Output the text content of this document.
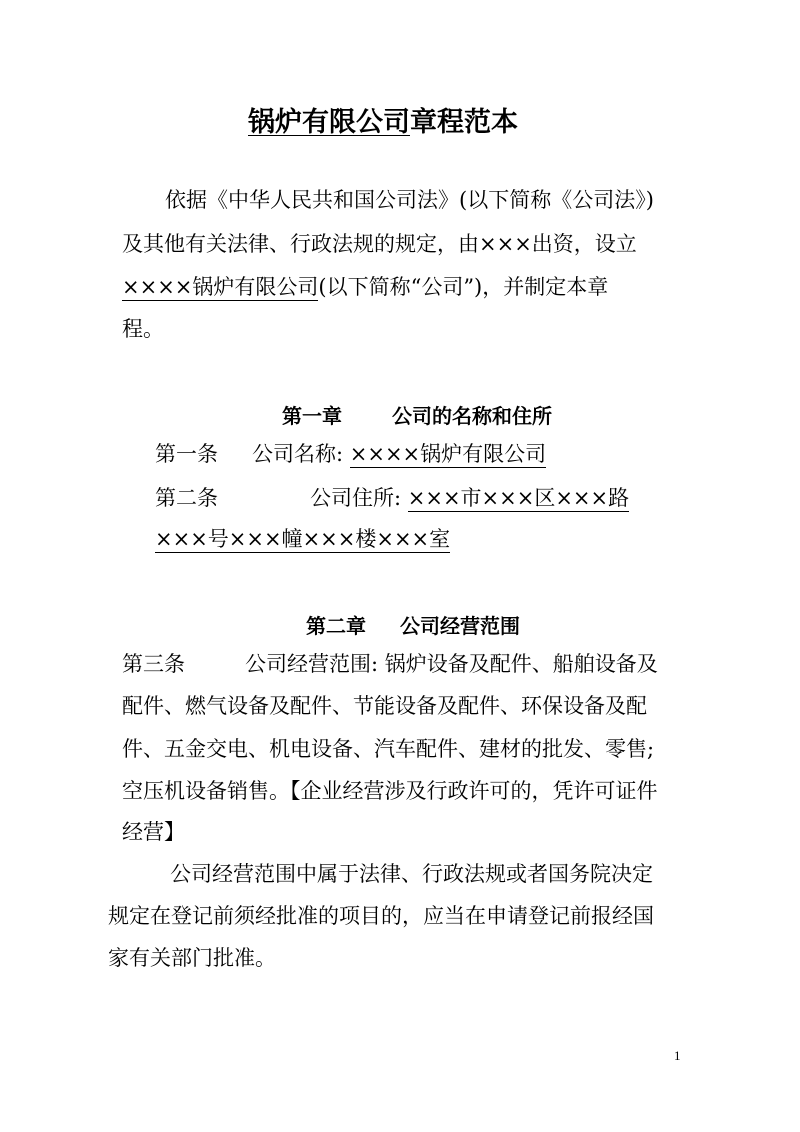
锅炉有限公司章程范本
依据《中华人民共和国公司法》(以下简称《公司法》)
及其他有关法律、行政法规的规定，由×××出资，设立
××××锅炉有限公司(以下简称“公司”)，并制定本章
程。
第一章	公司的名称和住所
第一条 公司名称: ××××锅炉有限公司
第二条	公司住所: ×××市×××区×××路
×××号×××幢×××楼×××室
第二章 公司经营范围
第三条	公司经营范围: 锅炉设备及配件、船舶设备及
配件、燃气设备及配件、节能设备及配件、环保设备及配
件、五金交电、机电设备、汽车配件、建材的批发、零售;
空压机设备销售。【企业经营涉及行政许可的，凭许可证件
经营】
公司经营范围中属于法律、行政法规或者国务院决定
规定在登记前须经批准的项目的，应当在申请登记前报经国
家有关部门批准。
1
